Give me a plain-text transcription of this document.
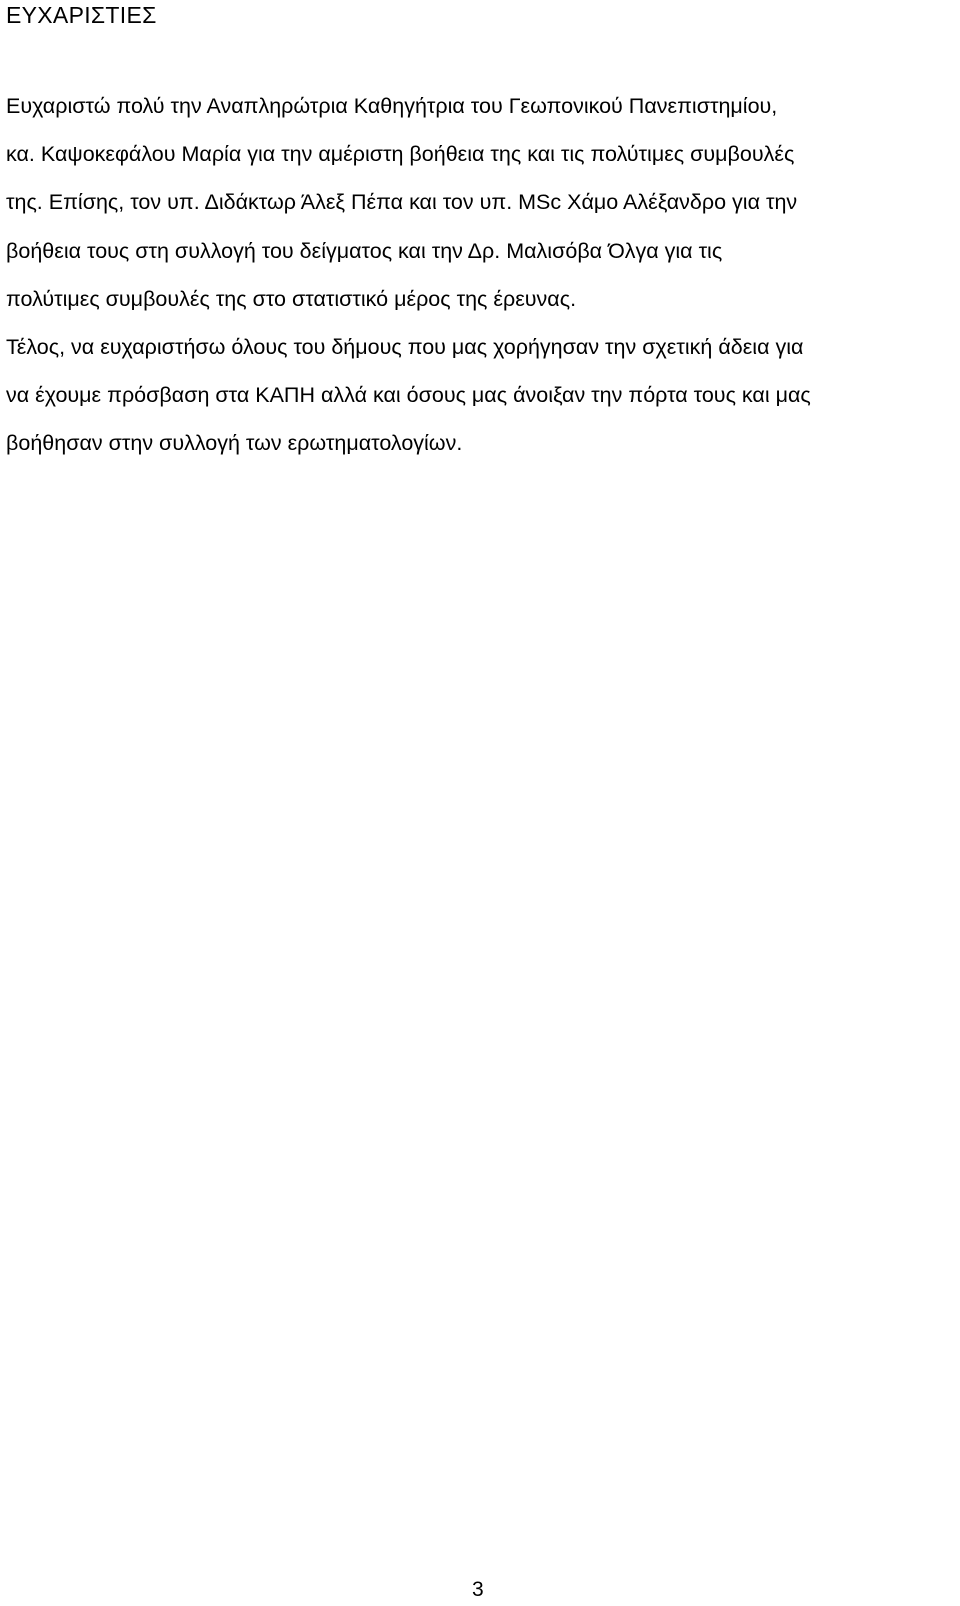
ΕΥΧΑΡΙΣΤΙΕΣ

Ευχαριστώ πολύ την Αναπληρώτρια Καθηγήτρια του Γεωπονικού Πανεπιστημίου,

κα. Καψοκεφάλου Μαρία για την αμέριστη βοήθεια της και τις πολύτιμες συμβουλές

της. Επίσης, τον υπ. Διδάκτωρ Άλεξ Πέπα και τον υπ. MSc Χάμο Αλέξανδρο για την

βοήθεια τους στη συλλογή του δείγματος και την Δρ. Μαλισόβα Όλγα για τις

πολύτιμες συμβουλές της στο στατιστικό μέρος της έρευνας.

Τέλος, να ευχαριστήσω όλους του δήμους που μας χορήγησαν την σχετική άδεια για

να έχουμε πρόσβαση στα ΚΑΠΗ αλλά και όσους μας άνοιξαν την πόρτα τους και μας

βοήθησαν στην συλλογή των ερωτηματολογίων.

3
